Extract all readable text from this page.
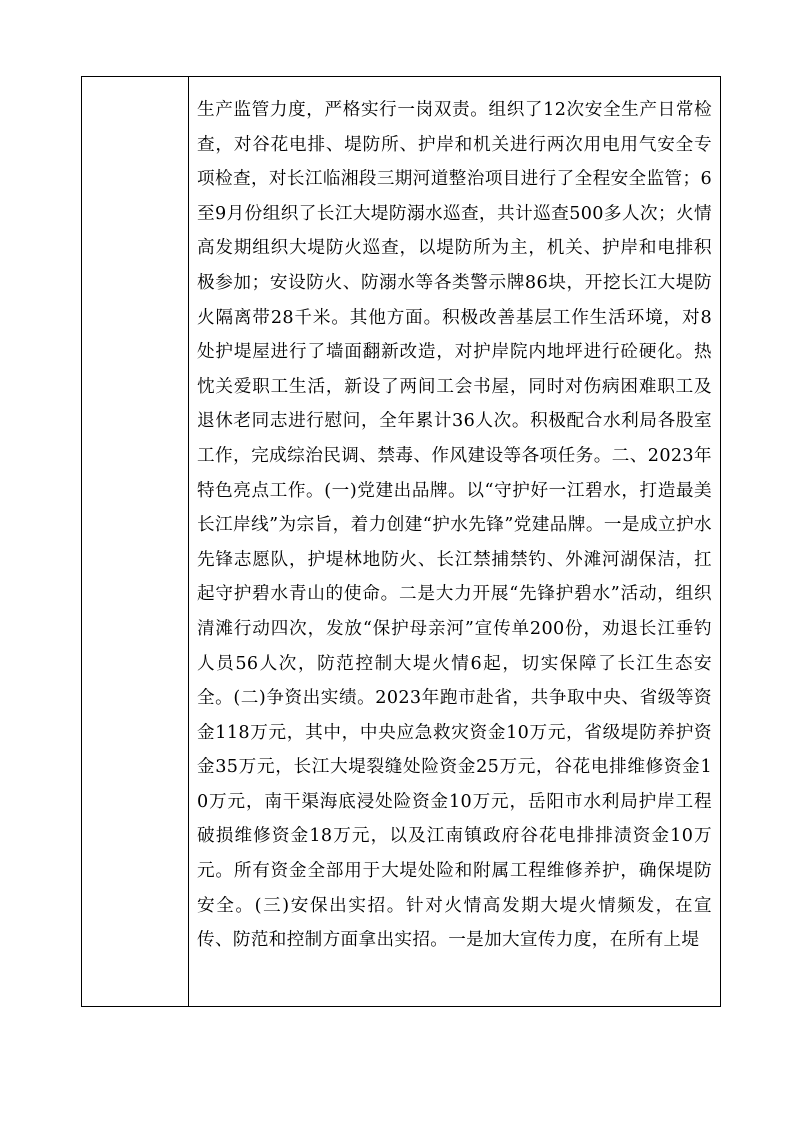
生产监管力度，严格实行一岗双责。组织了12次安全生产日常检查，对谷花电排、堤防所、护岸和机关进行两次用电用气安全专项检查，对长江临湘段三期河道整治项目进行了全程安全监管；6至9月份组织了长江大堤防溺水巡查，共计巡查500多人次；火情高发期组织大堤防火巡查，以堤防所为主，机关、护岸和电排积极参加；安设防火、防溺水等各类警示牌86块，开挖长江大堤防火隔离带28千米。其他方面。积极改善基层工作生活环境，对8处护堤屋进行了墙面翻新改造，对护岸院内地坪进行砼硬化。热忱关爱职工生活，新设了两间工会书屋，同时对伤病困难职工及退休老同志进行慰问，全年累计36人次。积极配合水利局各股室工作，完成综治民调、禁毒、作风建设等各项任务。二、2023年特色亮点工作。(一)党建出品牌。以“守护好一江碧水，打造最美长江岸线”为宗旨，着力创建“护水先锋”党建品牌。一是成立护水先锋志愿队，护堤林地防火、长江禁捕禁钓、外滩河湖保洁，扛起守护碧水青山的使命。二是大力开展“先锋护碧水”活动，组织清滩行动四次，发放“保护母亲河”宣传单200份，劝退长江垂钓人员56人次，防范控制大堤火情6起，切实保障了长江生态安全。(二)争资出实绩。2023年跑市赴省，共争取中央、省级等资金118万元，其中，中央应急救灾资金10万元，省级堤防养护资金35万元，长江大堤裂缝处险资金25万元，谷花电排维修资金10万元，南干渠海底浸处险资金10万元，岳阳市水利局护岸工程破损维修资金18万元，以及江南镇政府谷花电排排渍资金10万元。所有资金全部用于大堤处险和附属工程维修养护，确保堤防安全。(三)安保出实招。针对火情高发期大堤火情频发，在宣传、防范和控制方面拿出实招。一是加大宣传力度，在所有上堤
